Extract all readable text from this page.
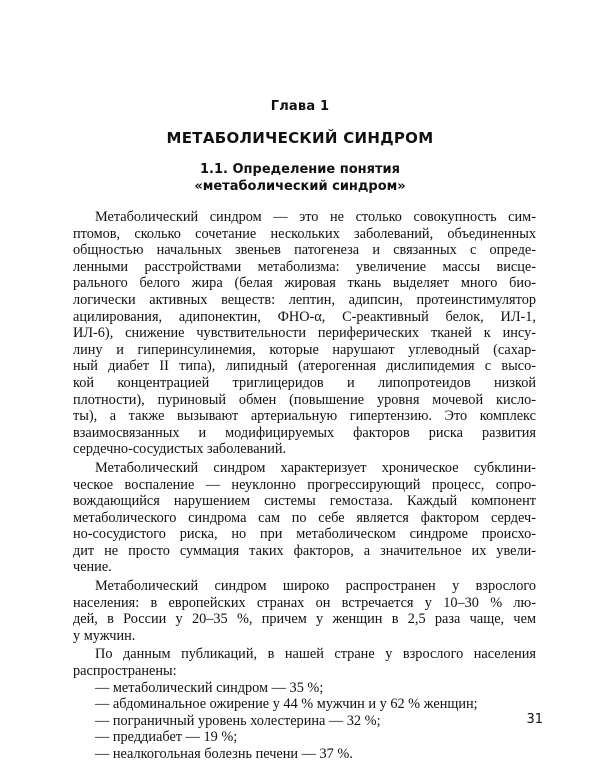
Глава 1
МЕТАБОЛИЧЕСКИЙ СИНДРОМ
1.1. Определение понятия
«метаболический синдром»
Метаболический синдром — это не столько совокупность сим-
птомов, сколько сочетание нескольких заболеваний, объединенных
общностью начальных звеньев патогенеза и связанных с опреде-
ленными расстройствами метаболизма: увеличение массы висце-
рального белого жира (белая жировая ткань выделяет много био-
логически активных веществ: лептин, адипсин, протеинстимулятор
ацилирования, адипонектин, ФНО-α, С-реактивный белок, ИЛ-1,
ИЛ-6), снижение чувствительности периферических тканей к инсу-
лину и гиперинсулинемия, которые нарушают углеводный (сахар-
ный диабет II типа), липидный (атерогенная дислипидемия с высо-
кой концентрацией триглицеридов и липопротеидов низкой
плотности), пуриновый обмен (повышение уровня мочевой кисло-
ты), а также вызывают артериальную гипертензию. Это комплекс
взаимосвязанных и модифицируемых факторов риска развития
сердечно-сосудистых заболеваний.
Метаболический синдром характеризует хроническое субклини-
ческое воспаление — неуклонно прогрессирующий процесс, сопро-
вождающийся нарушением системы гемостаза. Каждый компонент
метаболического синдрома сам по себе является фактором сердеч-
но-сосудистого риска, но при метаболическом синдроме происхо-
дит не просто суммация таких факторов, а значительное их увели-
чение.
Метаболический синдром широко распространен у взрослого
населения: в европейских странах он встречается у 10–30 % лю-
дей, в России у 20–35 %, причем у женщин в 2,5 раза чаще, чем
у мужчин.
По данным публикаций, в нашей стране у взрослого населения
распространены:
— метаболический синдром — 35 %;
— абдоминальное ожирение у 44 % мужчин и у 62 % женщин;
— пограничный уровень холестерина — 32 %;
— преддиабет — 19 %;
— неалкогольная болезнь печени — 37 %.
31
